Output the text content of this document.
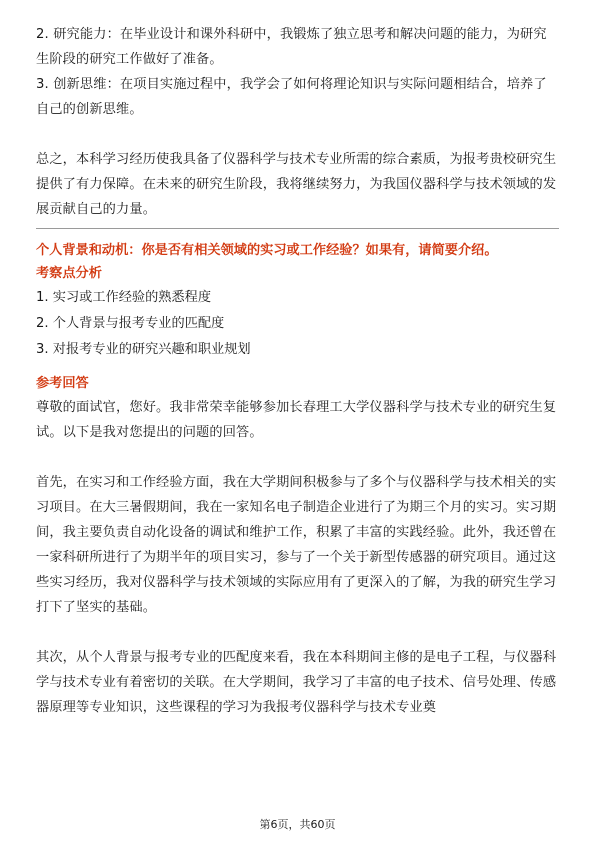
2. 研究能力：在毕业设计和课外科研中，我锻炼了独立思考和解决问题的能力，为研究生阶段的研究工作做好了准备。

3. 创新思维：在项目实施过程中，我学会了如何将理论知识与实际问题相结合，培养了自己的创新思维。

总之，本科学习经历使我具备了仪器科学与技术专业所需的综合素质，为报考贵校研究生提供了有力保障。在未来的研究生阶段，我将继续努力，为我国仪器科学与技术领域的发展贡献自己的力量。

个人背景和动机：你是否有相关领域的实习或工作经验？如果有，请简要介绍。

考察点分析

1. 实习或工作经验的熟悉程度

2. 个人背景与报考专业的匹配度

3. 对报考专业的研究兴趣和职业规划

参考回答

尊敬的面试官，您好。我非常荣幸能够参加长春理工大学仪器科学与技术专业的研究生复试。以下是我对您提出的问题的回答。

首先，在实习和工作经验方面，我在大学期间积极参与了多个与仪器科学与技术相关的实习项目。在大三暑假期间，我在一家知名电子制造企业进行了为期三个月的实习。实习期间，我主要负责自动化设备的调试和维护工作，积累了丰富的实践经验。此外，我还曾在一家科研所进行了为期半年的项目实习，参与了一个关于新型传感器的研究项目。通过这些实习经历，我对仪器科学与技术领域的实际应用有了更深入的了解，为我的研究生学习打下了坚实的基础。

其次，从个人背景与报考专业的匹配度来看，我在本科期间主修的是电子工程，与仪器科学与技术专业有着密切的关联。在大学期间，我学习了丰富的电子技术、信号处理、传感器原理等专业知识，这些课程的学习为我报考仪器科学与技术专业奠

第6页，共60页
